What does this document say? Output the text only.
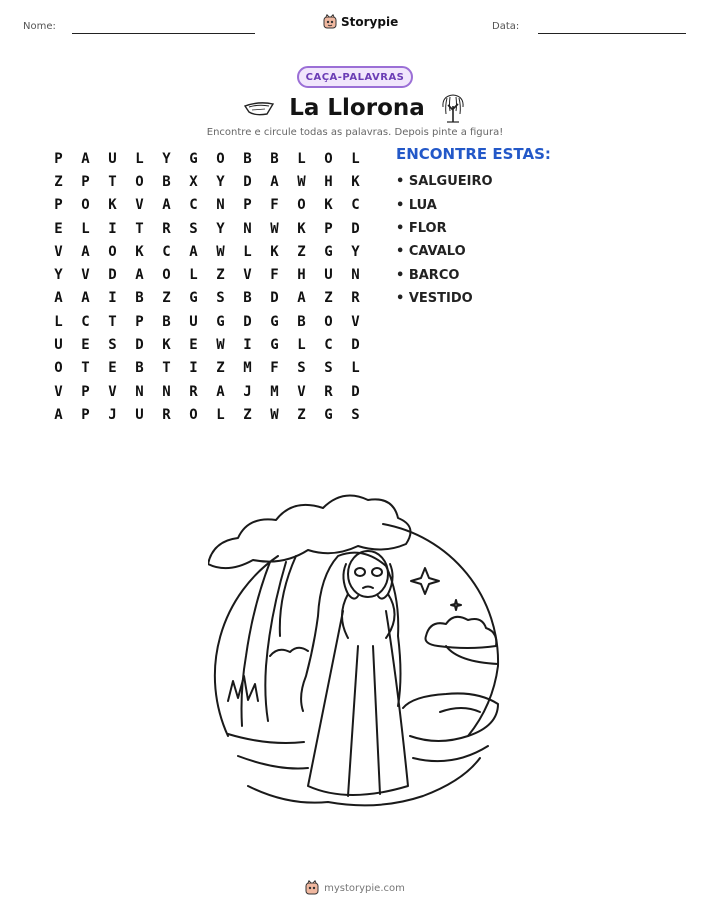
Nome:	Storypie	Data:
CAÇA-PALAVRAS
La Llorona
Encontre e circule todas as palavras. Depois pinte a figura!
P	A	U	L	Y	G	O	B	B	L	O	L
Z	P	T	O	B	X	Y	D	A	W	H	K
P	O	K	V	A	C	N	P	F	O	K	C
E	L	I	T	R	S	Y	N	W	K	P	D
V	A	O	K	C	A	W	L	K	Z	G	Y
Y	V	D	A	O	L	Z	V	F	H	U	N
A	A	I	B	Z	G	S	B	D	A	Z	R
L	C	T	P	B	U	G	D	G	B	O	V
U	E	S	D	K	E	W	I	G	L	C	D
O	T	E	B	T	I	Z	M	F	S	S	L
V	P	V	N	N	R	A	J	M	V	R	D
A	P	J	U	R	O	L	Z	W	Z	G	S
ENCONTRE ESTAS:
• SALGUEIRO
• LUA
• FLOR
• CAVALO
• BARCO
• VESTIDO
mystorypie.com
